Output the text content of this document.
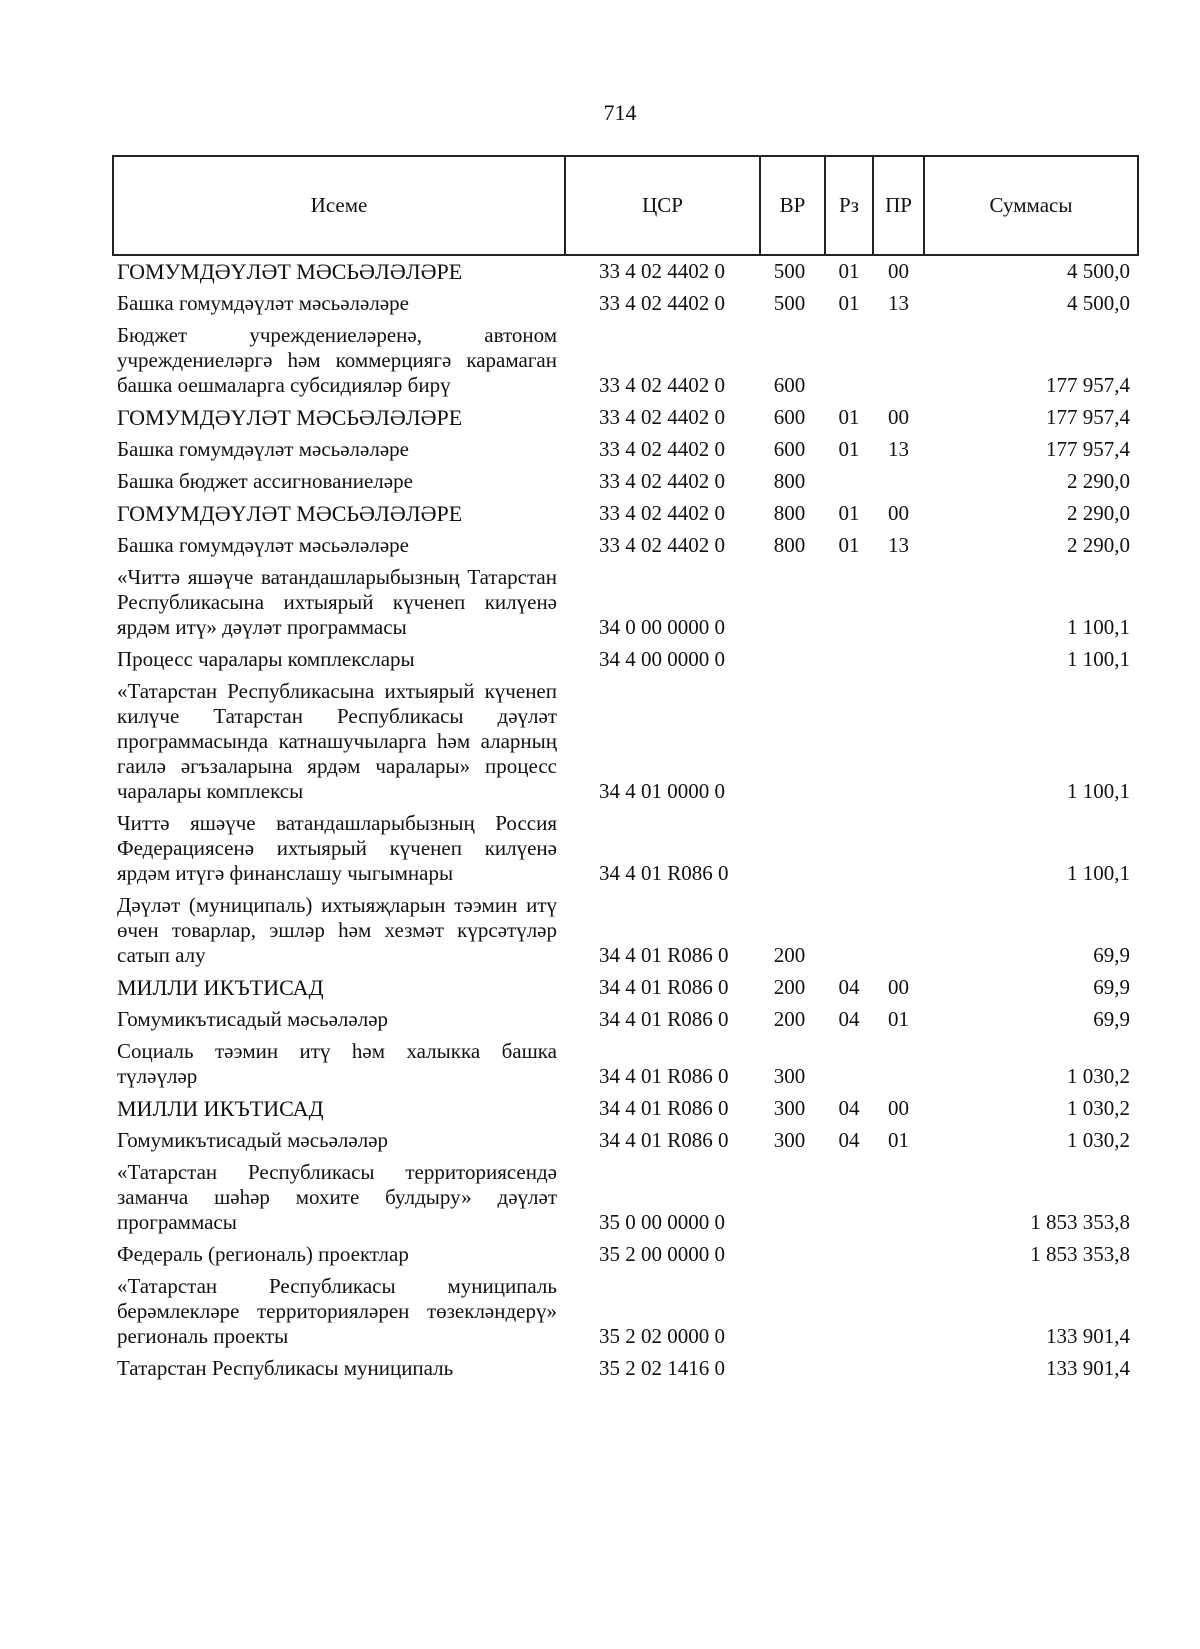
714
Исеме	ЦСР	ВР	Рз	ПР	Суммасы
ГОМУМДӘҮЛӘТ МӘСЬӘЛӘЛӘРЕ	33 4 02 4402 0	500	01	00	4 500,0
Башка гомумдәүләт мәсьәләләре	33 4 02 4402 0	500	01	13	4 500,0
Бюджет учреждениеләренә, автоном учреждениеләргә һәм коммерциягә карамаган башка оешмаларга субсидияләр бирү	33 4 02 4402 0	600			177 957,4
ГОМУМДӘҮЛӘТ МӘСЬӘЛӘЛӘРЕ	33 4 02 4402 0	600	01	00	177 957,4
Башка гомумдәүләт мәсьәләләре	33 4 02 4402 0	600	01	13	177 957,4
Башка бюджет ассигнованиеләре	33 4 02 4402 0	800			2 290,0
ГОМУМДӘҮЛӘТ МӘСЬӘЛӘЛӘРЕ	33 4 02 4402 0	800	01	00	2 290,0
Башка гомумдәүләт мәсьәләләре	33 4 02 4402 0	800	01	13	2 290,0
«Читтә яшәүче ватандашларыбызның Татарстан Республикасына ихтыярый күченеп килүенә ярдәм итү» дәүләт программасы	34 0 00 0000 0				1 100,1
Процесс чаралары комплекслары	34 4 00 0000 0				1 100,1
«Татарстан Республикасына ихтыярый күченеп килүче Татарстан Республикасы дәүләт программасында катнашучыларга һәм аларның гаилә әгъзаларына ярдәм чаралары» процесс чаралары комплексы	34 4 01 0000 0				1 100,1
Читтә яшәүче ватандашларыбызның Россия Федерациясенә ихтыярый күченеп килүенә ярдәм итүгә финанслашу чыгымнары	34 4 01 R086 0				1 100,1
Дәүләт (муниципаль) ихтыяҗларын тәэмин итү өчен товарлар, эшләр һәм хезмәт күрсәтүләр сатып алу	34 4 01 R086 0	200			69,9
МИЛЛИ ИКЪТИСАД	34 4 01 R086 0	200	04	00	69,9
Гомумикътисадый мәсьәләләр	34 4 01 R086 0	200	04	01	69,9
Социаль тәэмин итү һәм халыкка башка түләүләр	34 4 01 R086 0	300			1 030,2
МИЛЛИ ИКЪТИСАД	34 4 01 R086 0	300	04	00	1 030,2
Гомумикътисадый мәсьәләләр	34 4 01 R086 0	300	04	01	1 030,2
«Татарстан Республикасы территориясендә заманча шәһәр мохите булдыру» дәүләт программасы	35 0 00 0000 0				1 853 353,8
Федераль (региональ) проектлар	35 2 00 0000 0				1 853 353,8
«Татарстан Республикасы муниципаль берәмлекләре территорияләрен төзекләндерү» региональ проекты	35 2 02 0000 0				133 901,4
Татарстан Республикасы муниципаль	35 2 02 1416 0				133 901,4
